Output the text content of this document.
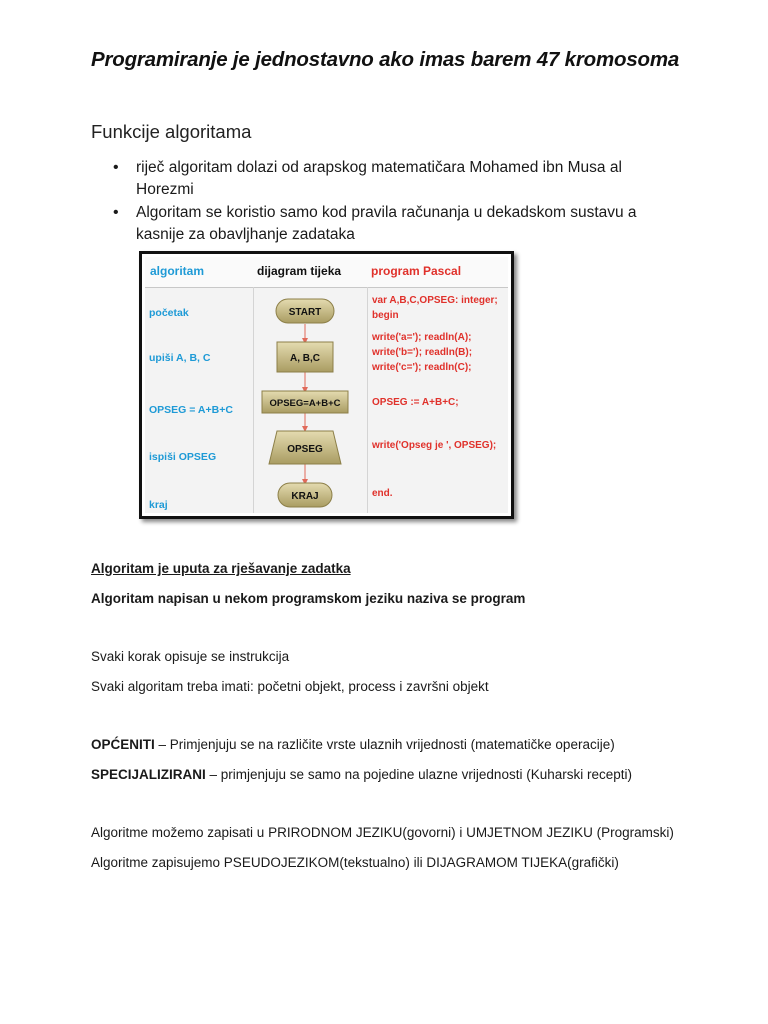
Programiranje je jednostavno ako imas barem 47 kromosoma
Funkcije algoritama
• riječ algoritam dolazi od arapskog matematičara Mohamed ibn Musa al Horezmi
• Algoritam se koristio samo kod pravila računanja u dekadskom sustavu a kasnije za obavljhanje zadataka
algoritam	dijagram tijeka program Pascal
START
A, B,C
OPSEG=A+B+C
OPSEG
KRAJ
početak
upiši A, B, C
OPSEG = A+B+C
ispiši OPSEG
kraj
var A,B,C,OPSEG: integer;
begin
write('a='); readln(A);
write('b='); readln(B);
write('c='); readln(C);
OPSEG := A+B+C;
write('Opseg je ', OPSEG);
end.
Algoritam je uputa za rješavanje zadatka
Algoritam napisan u nekom programskom jeziku naziva se program
Svaki korak opisuje se instrukcija
Svaki algoritam treba imati: početni objekt, process i završni objekt
OPĆENITI – Primjenjuju se na različite vrste ulaznih vrijednosti (matematičke operacije)
SPECIJALIZIRANI – primjenjuju se samo na pojedine ulazne vrijednosti (Kuharski recepti)
Algoritme možemo zapisati u PRIRODNOM JEZIKU(govorni) i UMJETNOM JEZIKU (Programski)
Algoritme zapisujemo PSEUDOJEZIKOM(tekstualno) ili DIJAGRAMOM TIJEKA(grafički)
